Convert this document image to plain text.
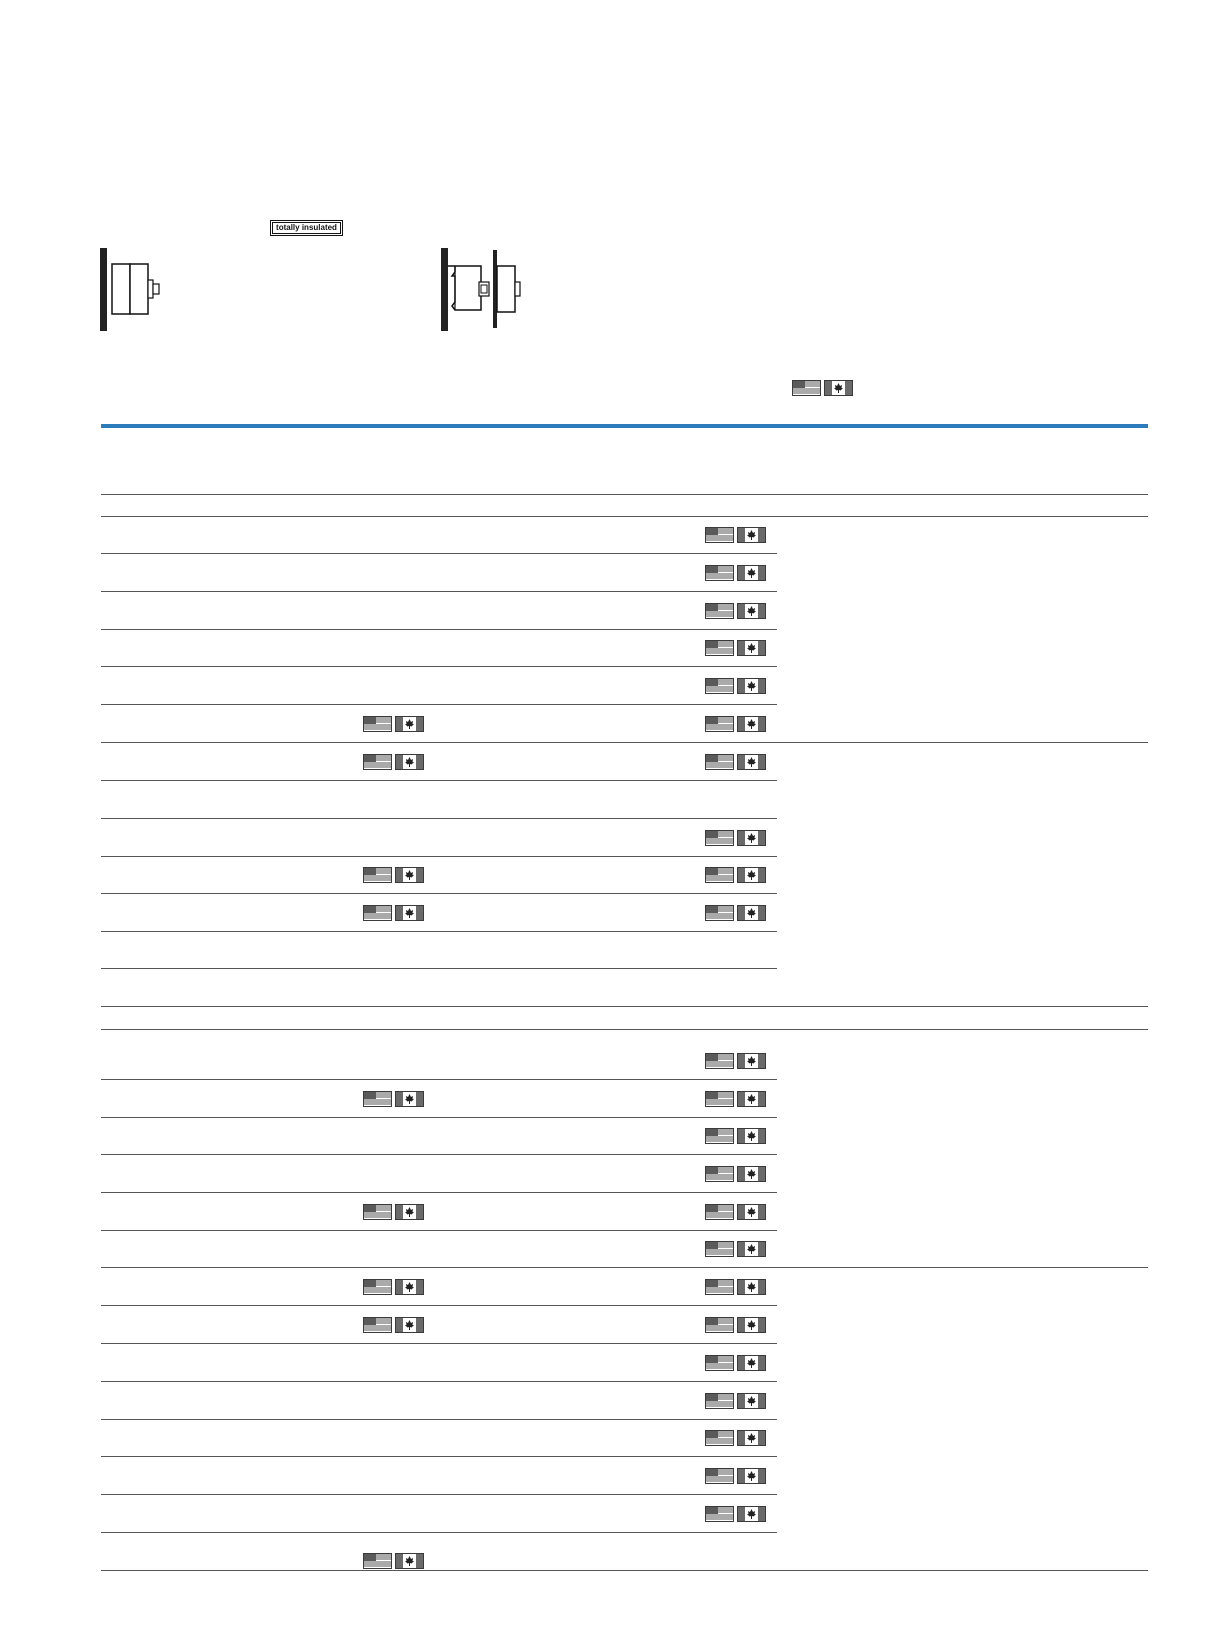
totally insulated
